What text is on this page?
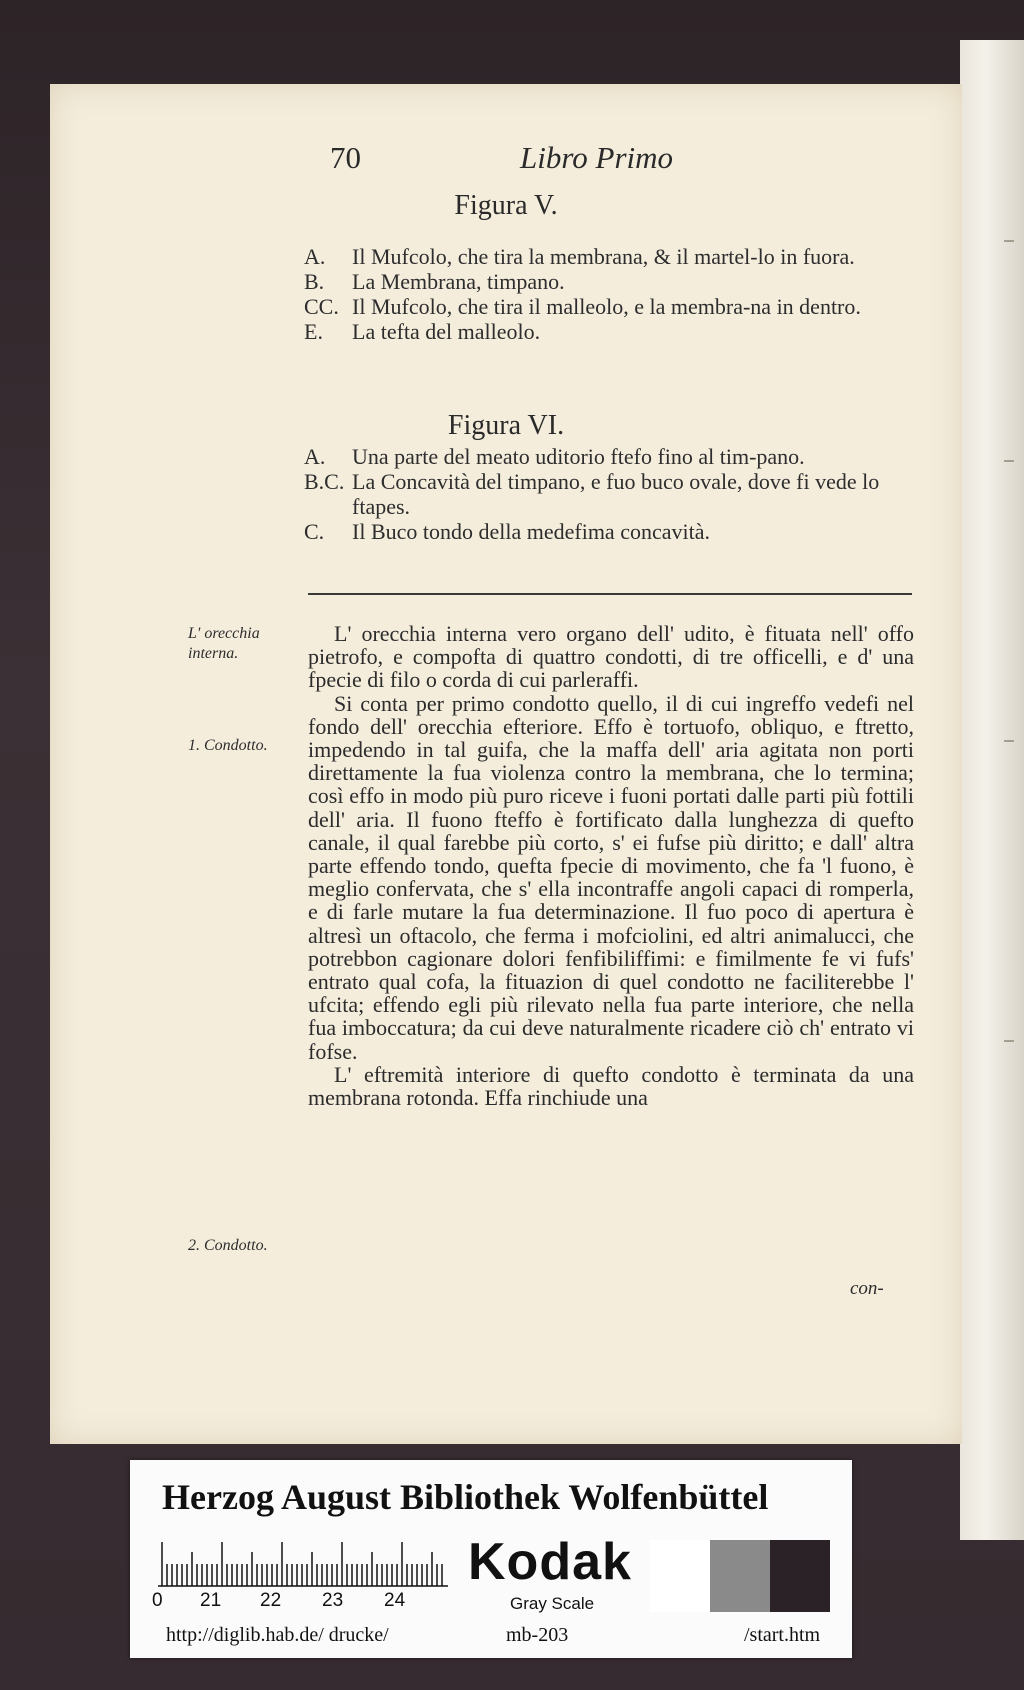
70	Libro Primo
Figura V.
A. Il Mufcolo, che tira la membrana, & il martel-lo in fuora.
B. La Membrana, timpano.
CC. Il Mufcolo, che tira il malleolo, e la membra-na in dentro.
E. La tefta del malleolo.
Figura VI.
A. Una parte del meato uditorio ftefo fino al tim-pano.
B.C. La Concavità del timpano, e fuo buco ovale, dove fi vede lo ftapes.
C. Il Buco tondo della medefima concavità.
L' orecchia interna.
1. Condotto.
2. Condotto.

L' orecchia interna vero organo dell' udito, è fituata nell' offo pietrofo, e compofta di quattro condotti, di tre officelli, e d' una fpecie di filo o corda di cui parleraffi.

Si conta per primo condotto quello, il di cui ingreffo vedefi nel fondo dell' orecchia efteriore. Effo è tortuofo, obliquo, e ftretto, impedendo in tal guifa, che la maffa dell' aria agitata non porti direttamente la fua violenza contro la membrana, che lo termina; così effo in modo più puro riceve i fuoni portati dalle parti più fottili dell' aria. Il fuono fteffo è fortificato dalla lunghezza di quefto canale, il qual farebbe più corto, s' ei fufse più diritto; e dall' altra parte effendo tondo, quefta fpecie di movimento, che fa 'l fuono, è meglio confervata, che s' ella incontraffe angoli capaci di romperla, e di farle mutare la fua determinazione. Il fuo poco di apertura è altresì un oftacolo, che ferma i mofciolini, ed altri animalucci, che potrebbon cagionare dolori fenfibiliffimi: e fimilmente fe vi fufs' entrato qual cofa, la fituazion di quel condotto ne faciliterebbe l' ufcita; effendo egli più rilevato nella fua parte interiore, che nella fua imboccatura; da cui deve naturalmente ricadere ciò ch' entrato vi fofse.

L' eftremità interiore di quefto condotto è terminata da una membrana rotonda. Effa rinchiude una

con-
Herzog August Bibliothek Wolfenbüttel
0 21 22 23 24
Kodak
Gray Scale
http://diglib.hab.de/ drucke/	mb-203	/start.htm
